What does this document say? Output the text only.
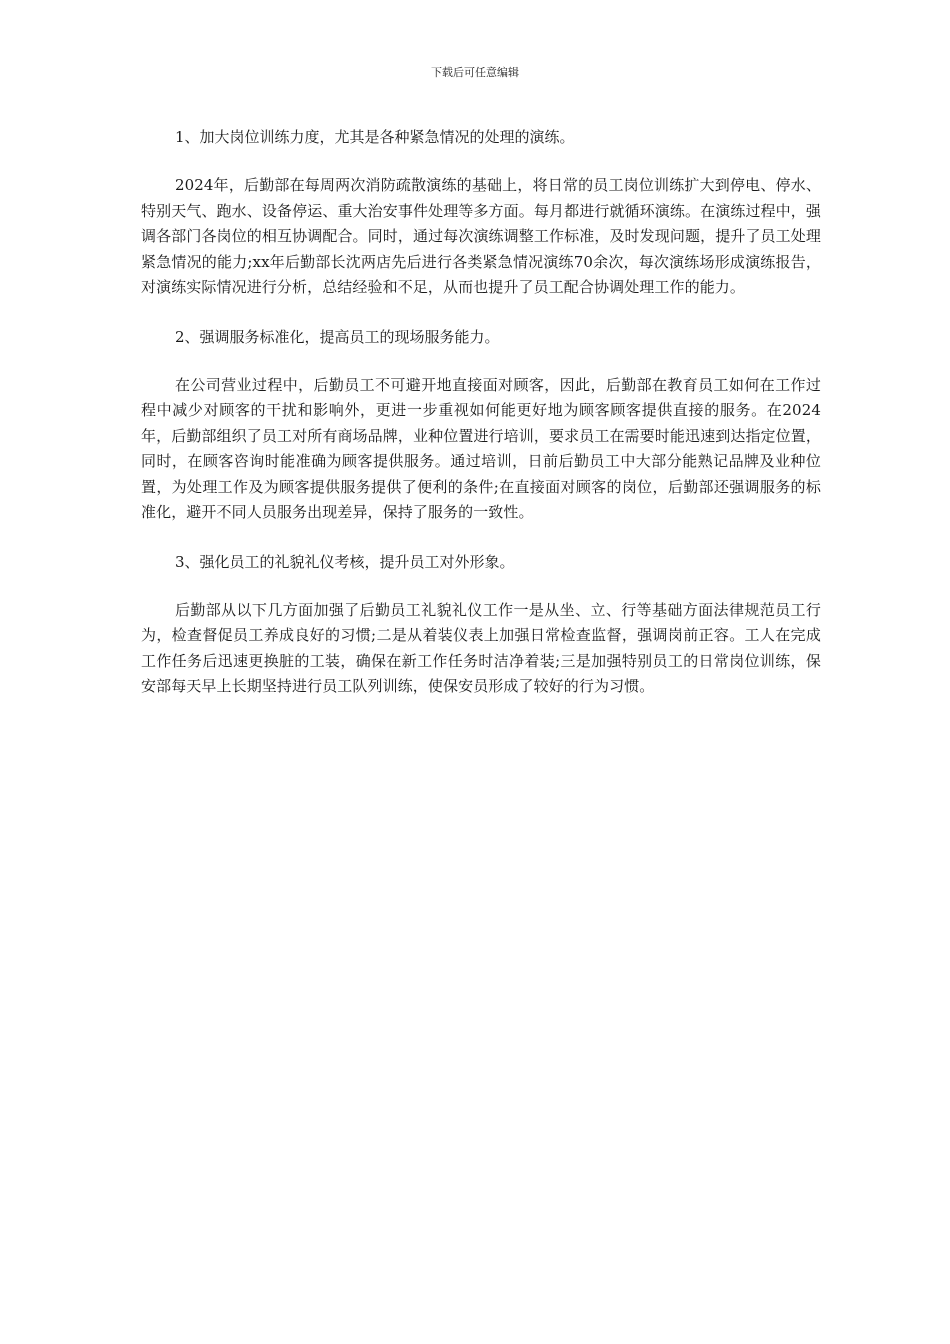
下载后可任意编辑

1、加大岗位训练力度，尤其是各种紧急情况的处理的演练。

2024年，后勤部在每周两次消防疏散演练的基础上，将日常的员工岗位训练扩大到停电、停水、特别天气、跑水、设备停运、重大治安事件处理等多方面。每月都进行就循环演练。在演练过程中，强调各部门各岗位的相互协调配合。同时，通过每次演练调整工作标准，及时发现问题，提升了员工处理紧急情况的能力;xx年后勤部长沈两店先后进行各类紧急情况演练70余次，每次演练场形成演练报告，对演练实际情况进行分析，总结经验和不足，从而也提升了员工配合协调处理工作的能力。

2、强调服务标准化，提高员工的现场服务能力。

在公司营业过程中，后勤员工不可避开地直接面对顾客，因此，后勤部在教育员工如何在工作过程中减少对顾客的干扰和影响外，更进一步重视如何能更好地为顾客顾客提供直接的服务。在2024年，后勤部组织了员工对所有商场品牌，业种位置进行培训，要求员工在需要时能迅速到达指定位置，同时，在顾客咨询时能准确为顾客提供服务。通过培训，日前后勤员工中大部分能熟记品牌及业种位置，为处理工作及为顾客提供服务提供了便利的条件;在直接面对顾客的岗位，后勤部还强调服务的标准化，避开不同人员服务出现差异，保持了服务的一致性。

3、强化员工的礼貌礼仪考核，提升员工对外形象。

后勤部从以下几方面加强了后勤员工礼貌礼仪工作一是从坐、立、行等基础方面法律规范员工行为，检查督促员工养成良好的习惯;二是从着装仪表上加强日常检查监督，强调岗前正容。工人在完成工作任务后迅速更换脏的工装，确保在新工作任务时洁净着装;三是加强特别员工的日常岗位训练，保安部每天早上长期坚持进行员工队列训练，使保安员形成了较好的行为习惯。
